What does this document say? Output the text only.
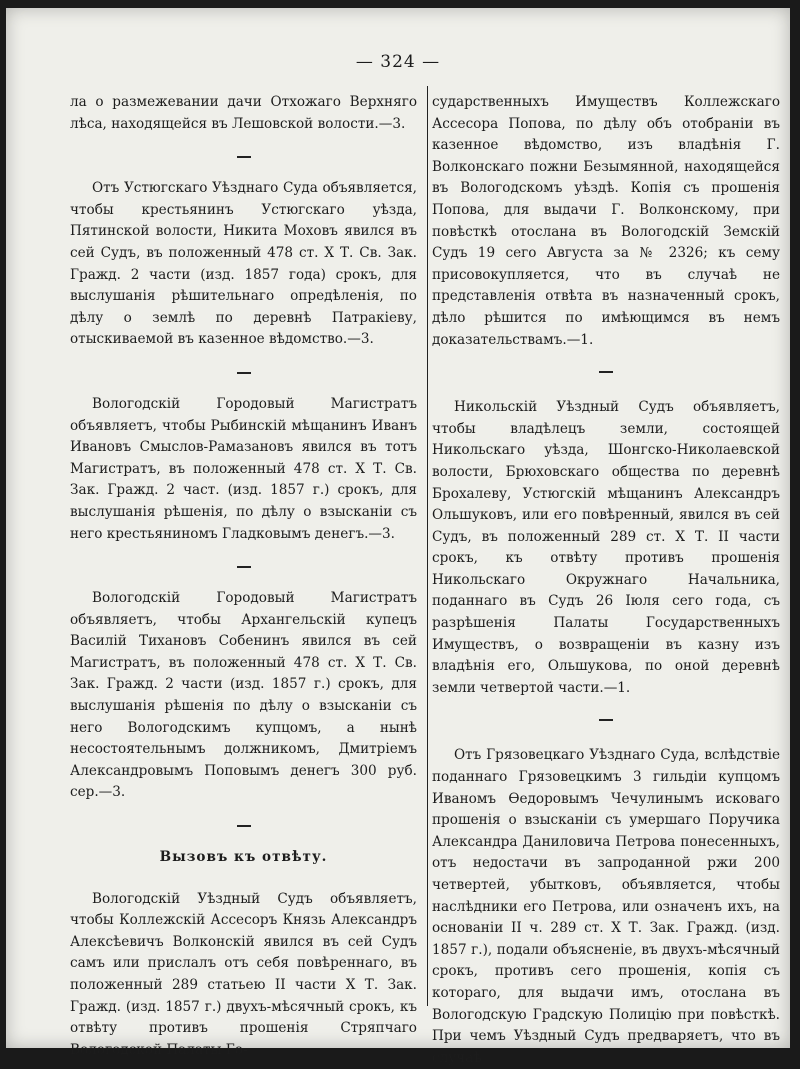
— 324 —

ла о размежевании дачи Отхожаго Верхняго лѣса, находящейся въ Лешовской волости.—3.

Отъ Устюгскаго Уѣзднаго Суда объявляется, чтобы крестьянинъ Устюгскаго уѣзда, Пятинской волости, Никита Моховъ явился въ сей Судъ, въ положенный 478 ст. X Т. Св. Зак. Гражд. 2 части (изд. 1857 года) срокъ, для выслушанія рѣшительнаго опредѣленія, по дѣлу о землѣ по деревнѣ Патракіеву, отыскиваемой въ казенное вѣдомство.—3.

Вологодскій Городовый Магистратъ объявляетъ, чтобы Рыбинскій мѣщанинъ Иванъ Ивановъ Смыслов-Рамазановъ явился въ тотъ Магистратъ, въ положенный 478 ст. X Т. Св. Зак. Гражд. 2 част. (изд. 1857 г.) срокъ, для выслушанія рѣшенія, по дѣлу о взысканіи съ него крестьяниномъ Гладковымъ денегъ.—3.

Вологодскій Городовый Магистратъ объявляетъ, чтобы Архангельскій купецъ Василій Тихановъ Собенинъ явился въ сей Магистратъ, въ положенный 478 ст. X Т. Св. Зак. Гражд. 2 части (изд. 1857 г.) срокъ, для выслушанія рѣшенія по дѣлу о взысканіи съ него Вологодскимъ купцомъ, а нынѣ несостоятельнымъ должникомъ, Дмитріемъ Александровымъ Поповымъ денегъ 300 руб. сер.—3.

Вызовъ къ отвѣту.

Вологодскій Уѣздный Судъ объявляетъ, чтобы Коллежскій Ассесоръ Князь Александръ Алексѣевичъ Волконскій явился въ сей Судъ самъ или прислалъ отъ себя повѣреннаго, въ положенный 289 статьею II части X Т. Зак. Гражд. (изд. 1857 г.) двухъ-мѣсячный срокъ, къ отвѣту противъ прошенія Стряпчаго Вологодской Палаты Го-

сударственныхъ Имуществъ Коллежскаго Ассесора Попова, по дѣлу объ отобраніи въ казенное вѣдомство, изъ владѣнія Г. Волконскаго пожни Безымянной, находящейся въ Вологодскомъ уѣздѣ. Копія съ прошенія Попова, для выдачи Г. Волконскому, при повѣсткѣ отослана въ Вологодскій Земскій Судъ 19 сего Августа за № 2326; къ сему присовокупляется, что въ случаѣ не представленія отвѣта въ назначенный срокъ, дѣло рѣшится по имѣющимся въ немъ доказательствамъ.—1.

Никольскій Уѣздный Судъ объявляетъ, чтобы владѣлецъ земли, состоящей Никольскаго уѣзда, Шонгско-Николаевской волости, Брюховскаго общества по деревнѣ Брохалеву, Устюгскій мѣщанинъ Александръ Ольшуковъ, или его повѣренный, явился въ сей Судъ, въ положенный 289 ст. X Т. II части срокъ, къ отвѣту противъ прошенія Никольскаго Окружнаго Начальника, поданнаго въ Судъ 26 Іюля сего года, съ разрѣшенія Палаты Государственныхъ Имуществъ, о возвращеніи въ казну изъ владѣнія его, Ольшукова, по оной деревнѣ земли четвертой части.—1.

Отъ Грязовецкаго Уѣзднаго Суда, вслѣдствіе поданнаго Грязовецкимъ 3 гильдіи купцомъ Иваномъ Ѳедоровымъ Чечулинымъ исковаго прошенія о взысканіи съ умершаго Поручика Александра Даниловича Петрова понесенныхъ, отъ недостачи въ запроданной ржи 200 четвертей, убытковъ, объявляется, чтобы наслѣдники его Петрова, или означенъ ихъ, на основаніи II ч. 289 ст. X Т. Зак. Гражд. (изд. 1857 г.), подали объясненіе, въ двухъ-мѣсячный срокъ, противъ сего прошенія, копія съ котораго, для выдачи имъ, отослана въ Вологодскую Градскую Полицію при повѣсткѣ. При чемъ Уѣздный Судъ предваряетъ, что въ случаѣ
